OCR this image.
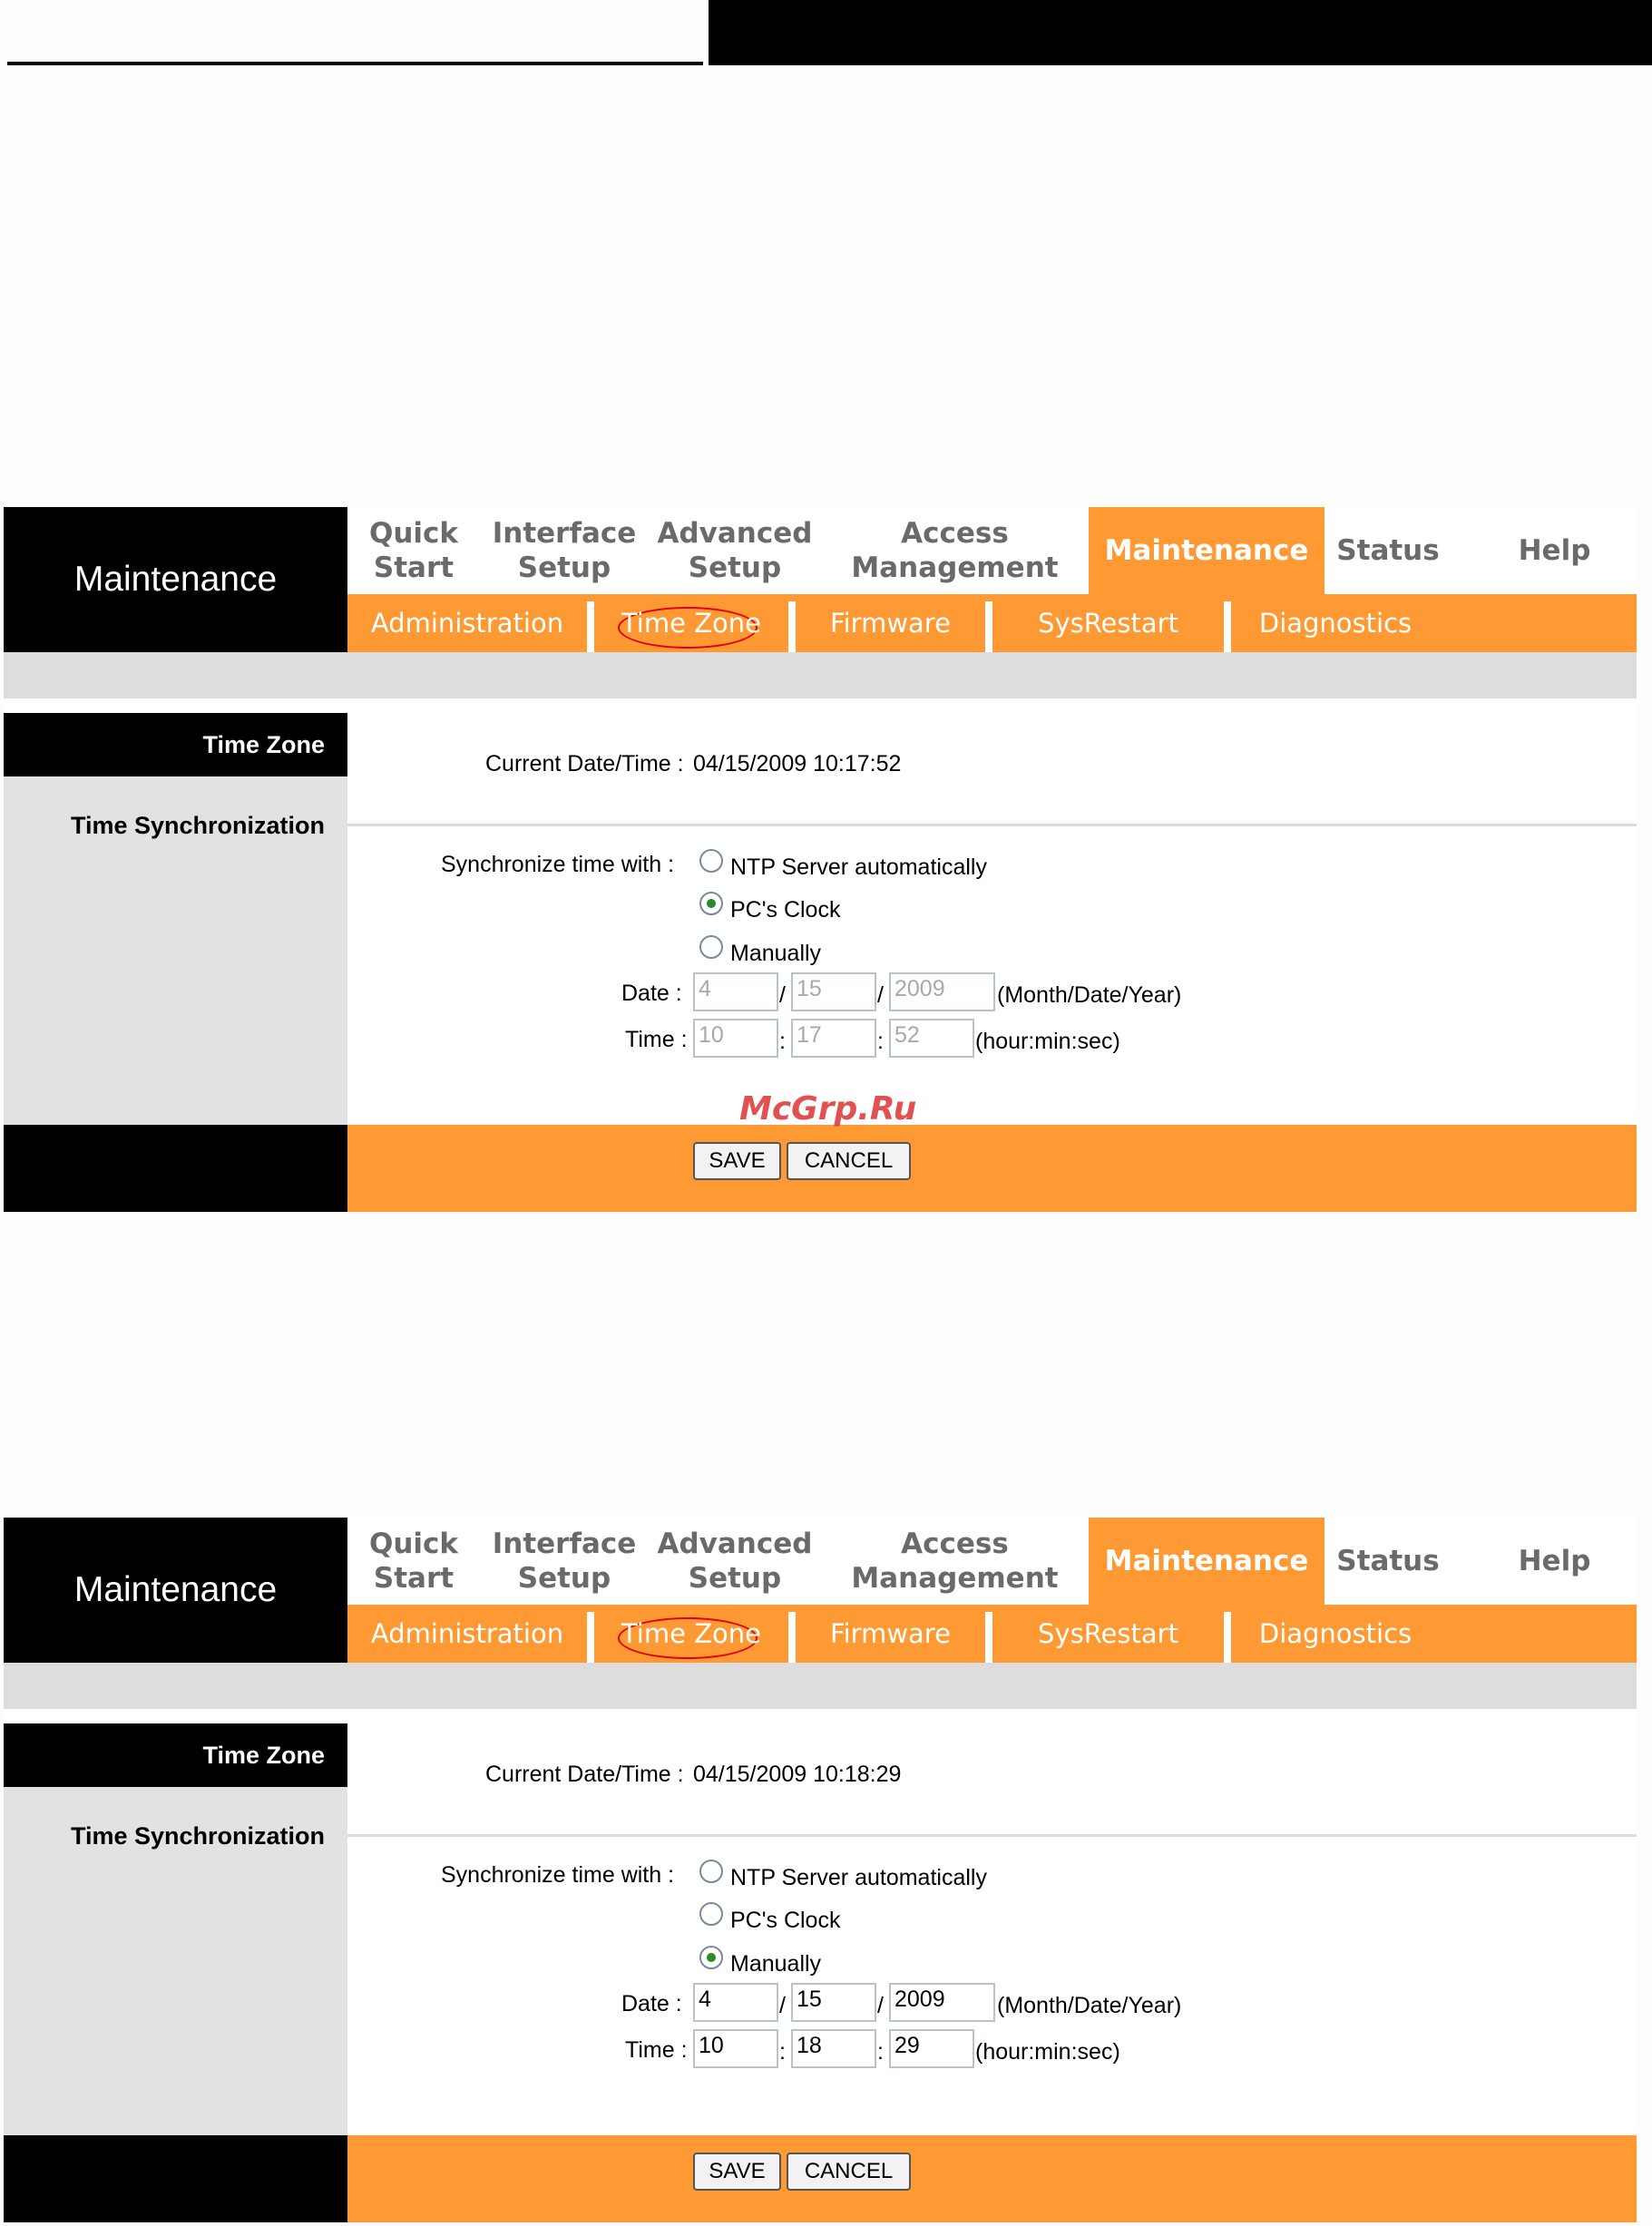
Maintenance
Quick
Start
Interface
Setup
Advanced
Setup
Access
Management
Maintenance Status	Help
Administration	Time Zone	Firmware	SysRestart	Diagnostics
Time Zone
Time Synchronization
Current Date/Time : 04/15/2009 10:17:52
Synchronize time with : NTP Server automatically
PC's Clock
Manually
Date : 4	/ 15	/ 2009	(Month/Date/Year)
Time : 10	: 17	: 52	(hour:min:sec)
SAVE	CANCEL
Maintenance
Quick
Start
Interface
Setup
Advanced
Setup
Access
Management
Maintenance Status	Help
Administration	Time Zone	Firmware	SysRestart	Diagnostics
Time Zone
Time Synchronization
Current Date/Time : 04/15/2009 10:18:29
Synchronize time with : NTP Server automatically
PC's Clock
Manually
Date : 4	/ 15	/ 2009	(Month/Date/Year)
Time : 10	: 18	: 29	(hour:min:sec)
SAVE	CANCEL
McGrp.Ru
